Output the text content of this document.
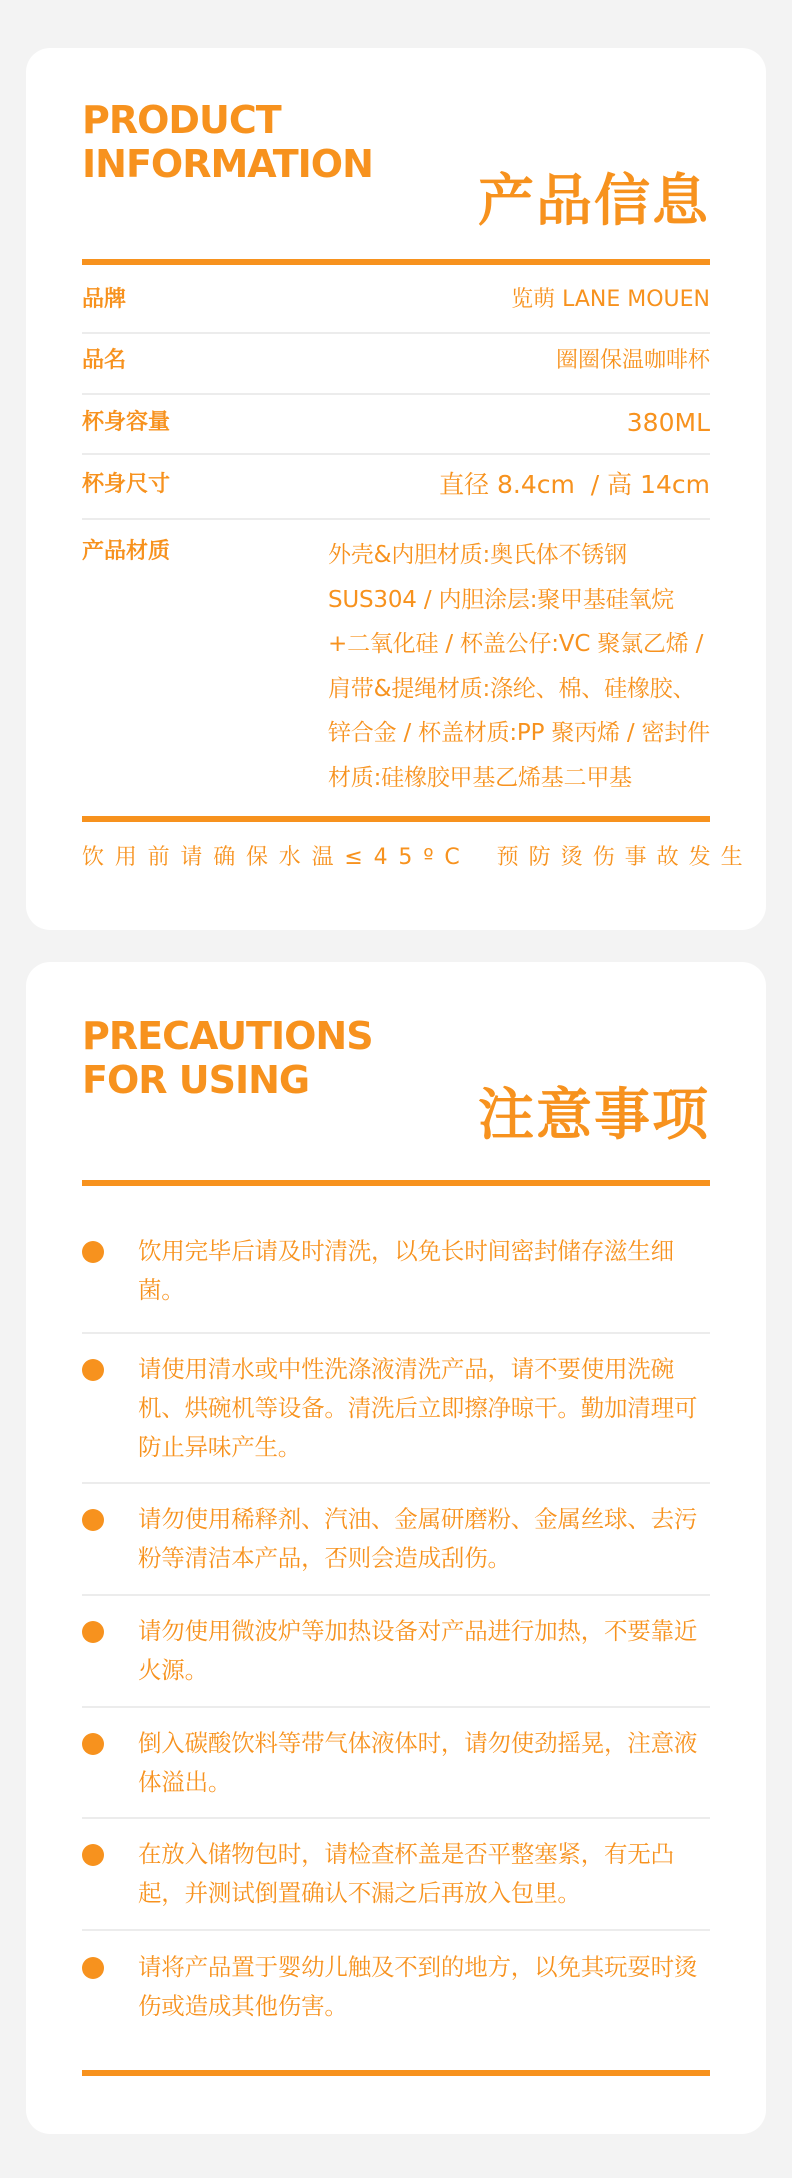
PRODUCT
INFORMATION
产品信息
品牌	览萌 LANE MOUEN
品名	圈圈保温咖啡杯
杯身容量	380ML
杯身尺寸	直径 8.4cm  / 高 14cm
产品材质	外壳&内胆材质:奥氏体不锈钢SUS304 / 内胆涂层:聚甲基硅氧烷+二氧化硅 / 杯盖公仔:VC 聚氯乙烯 / 肩带&提绳材质:涤纶、棉、硅橡胶、锌合金 / 杯盖材质:PP 聚丙烯 / 密封件材质:硅橡胶甲基乙烯基二甲基
饮用前请确保水温≤45ºC 预防烫伤事故发生
PRECAUTIONS
FOR USING
注意事项

饮用完毕后请及时清洗，以免长时间密封储存滋生细菌。

请使用清水或中性洗涤液清洗产品，请不要使用洗碗机、烘碗机等设备。清洗后立即擦净晾干。勤加清理可防止异味产生。

请勿使用稀释剂、汽油、金属研磨粉、金属丝球、去污粉等清洁本产品，否则会造成刮伤。

请勿使用微波炉等加热设备对产品进行加热，不要靠近火源。

倒入碳酸饮料等带气体液体时，请勿使劲摇晃，注意液体溢出。

在放入储物包时，请检查杯盖是否平整塞紧，有无凸起，并测试倒置确认不漏之后再放入包里。

请将产品置于婴幼儿触及不到的地方，以免其玩耍时烫伤或造成其他伤害。
